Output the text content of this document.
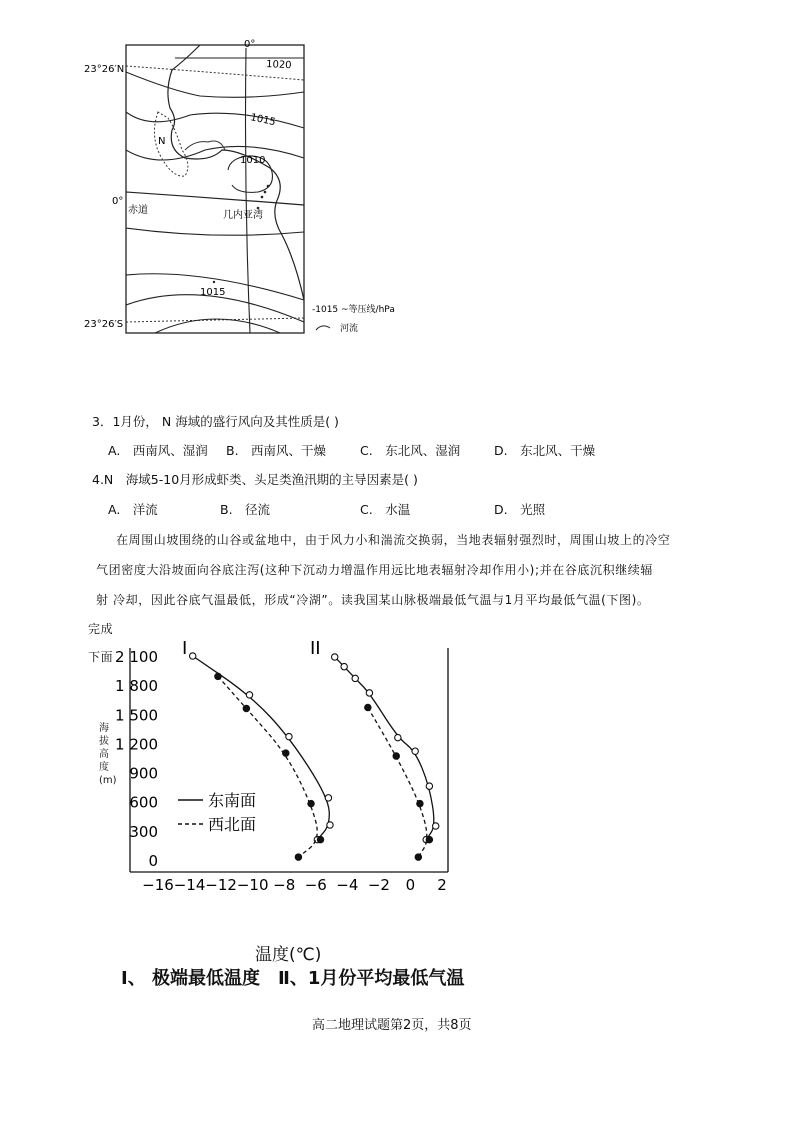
23°26′N
0°
23°26′S
0°
赤道	几内亚湾
N
1020
1015
1010
1015
-1015 ~等压线/hPa
河流
3．1月份， N 海域的盛行风向及其性质是( )
A.　西南风、湿润 B.　西南风、干燥	C.　东北风、湿润	D.　东北风、干燥
4.N　海域5-10月形成虾类、头足类渔汛期的主导因素是( )
A.　洋流	B.　径流	C.　水温	D.　光照
在周围山坡围绕的山谷或盆地中，由于风力小和湍流交换弱，当地表辐射强烈时，周围山坡上的冷空
气团密度大沿坡面向谷底注泻(这种下沉动力增温作用远比地表辐射冷却作用小);并在谷底沉积继续辐
射 冷却，因此谷底气温最低，形成“冷湖”。读我国某山脉极端最低气温与1月平均最低气温(下图)。
完成
下面
−16 −14 −12 −10 −8 −6 −4 −2 0 2
0
300
600
900
1 200
1 500
1 800
2 100 I	II
东南面
西北面
海拔高度(m)
温度(℃)
I、 极端最低温度　Ⅱ、1月份平均最低气温
高二地理试题第2页，共8页
